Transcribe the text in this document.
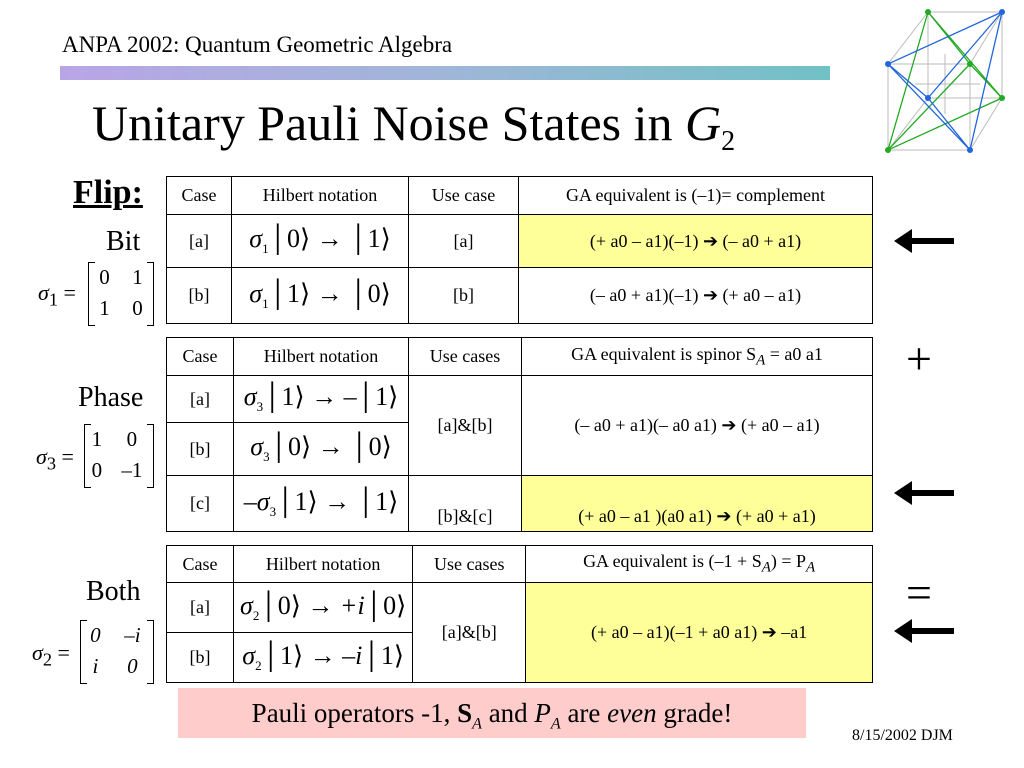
ANPA 2002: Quantum Geometric Algebra
Unitary Pauli Noise States in $G_2$
Flip:
Bit
$\sigma_1$ =
0	1
1	0
Case	Hilbert notation	Use case	GA equivalent is (–1)= complement
[a]	$\sigma_1│0⟩$ → │1⟩	[a]	(+ a0 – a1)(–1) ➔ (– a0 + a1)
[b]	$\sigma_1│1⟩$ → │0⟩	[b]	(– a0 + a1)(–1) ➔ (+ a0 – a1)
+
Phase
$\sigma_3$ =
1	0
0	–1
Case	Hilbert notation	Use cases	GA equivalent is spinor $S_A = a0$ a1
[a]	$\sigma_3│1⟩$ → –│1⟩	[a]&[b]	(– a0 + a1)(– a0 a1) ➔ (+ a0 – a1)
[b]	$\sigma_3│0⟩$ → │0⟩		
[c]	$-\sigma_3│1⟩$ → │1⟩	[b]&[c]	(+ a0 – a1 )(a0 a1) ➔ (+ a0 + a1)
=
Both
$\sigma_2$ =
0	–i
i	0
Case	Hilbert notation	Use cases	GA equivalent is $(-1 + S_A) = P_A$
[a]	$\sigma_2│0⟩$ → +i│0⟩	[a]&[b]	(+ a0 – a1)(–1 + a0 a1) ➔ –a1
[b]	$\sigma_2│1⟩$ → –i│1⟩		
Pauli operators -1, $S_A$ and $P_A$ are even grade!
8/15/2002 DJM
